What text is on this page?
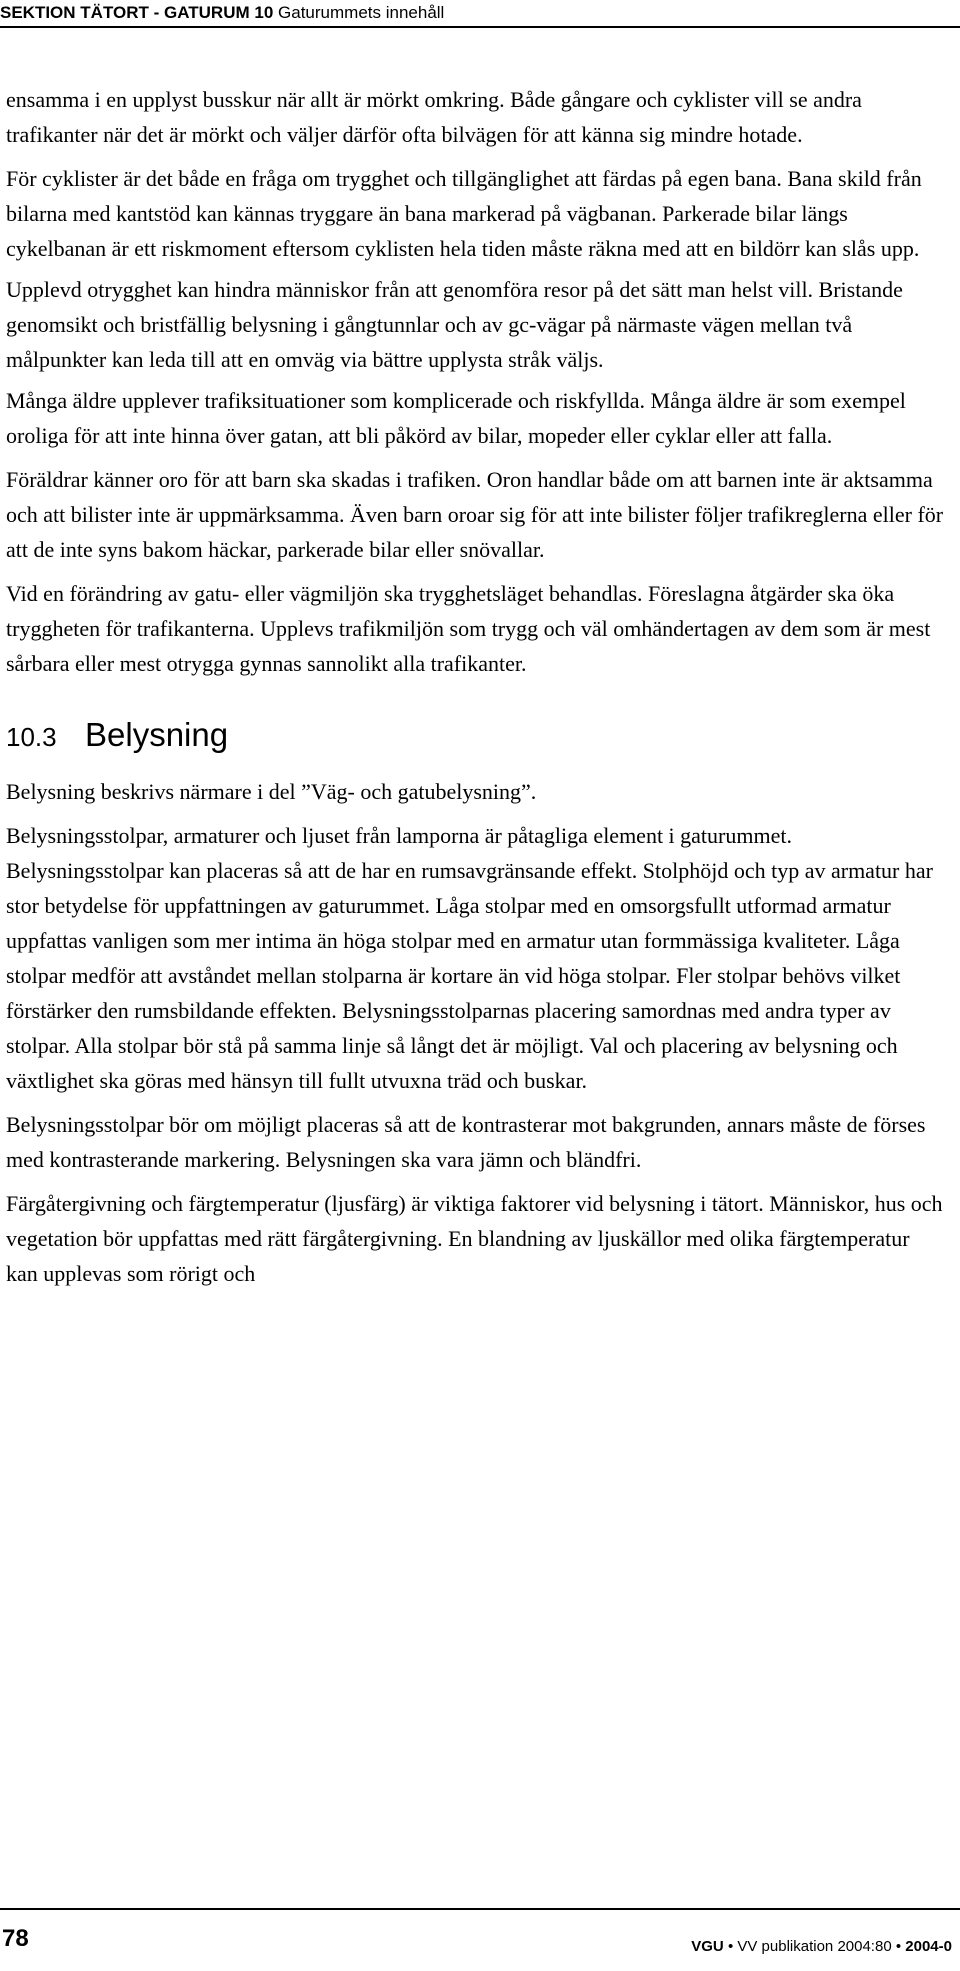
SEKTION TÄTORT - GATURUM 10 Gaturummets innehåll

ensamma i en upplyst busskur när allt är mörkt omkring. Både gångare och cyklister vill se andra trafikanter när det är mörkt och väljer därför ofta bilvägen för att känna sig mindre hotade.

För cyklister är det både en fråga om trygghet och tillgänglighet att färdas på egen bana. Bana skild från bilarna med kantstöd kan kännas tryggare än bana markerad på vägbanan. Parkerade bilar längs cykelbanan är ett riskmoment eftersom cyklisten hela tiden måste räkna med att en bildörr kan slås upp.

Upplevd otrygghet kan hindra människor från att genomföra resor på det sätt man helst vill. Bristande genomsikt och bristfällig belysning i gångtunnlar och av gc-vägar på närmaste vägen mellan två målpunkter kan leda till att en omväg via bättre upplysta stråk väljs.

Många äldre upplever trafiksituationer som komplicerade och riskfyllda. Många äldre är som exempel oroliga för att inte hinna över gatan, att bli påkörd av bilar, mopeder eller cyklar eller att falla.

Föräldrar känner oro för att barn ska skadas i trafiken. Oron handlar både om att barnen inte är aktsamma och att bilister inte är uppmärksamma. Även barn oroar sig för att inte bilister följer trafikreglerna eller för att de inte syns bakom häckar, parkerade bilar eller snövallar.

Vid en förändring av gatu- eller vägmiljön ska trygghetsläget behandlas. Föreslagna åtgärder ska öka tryggheten för trafikanterna. Upplevs trafikmiljön som trygg och väl omhändertagen av dem som är mest sårbara eller mest otrygga gynnas sannolikt alla trafikanter.

10.3 Belysning

Belysning beskrivs närmare i del ”Väg- och gatubelysning”.

Belysningsstolpar, armaturer och ljuset från lamporna är påtagliga element i gaturummet. Belysningsstolpar kan placeras så att de har en rumsavgränsande effekt. Stolphöjd och typ av armatur har stor betydelse för uppfattningen av gaturummet. Låga stolpar med en omsorgsfullt utformad armatur uppfattas vanligen som mer intima än höga stolpar med en armatur utan formmässiga kvaliteter. Låga stolpar medför att avståndet mellan stolparna är kortare än vid höga stolpar. Fler stolpar behövs vilket förstärker den rumsbildande effekten. Belysningsstolparnas placering samordnas med andra typer av stolpar. Alla stolpar bör stå på samma linje så långt det är möjligt. Val och placering av belysning och växtlighet ska göras med hänsyn till fullt utvuxna träd och buskar.

Belysningsstolpar bör om möjligt placeras så att de kontrasterar mot bakgrunden, annars måste de förses med kontrasterande markering. Belysningen ska vara jämn och bländfri.

Färgåtergivning och färgtemperatur (ljusfärg) är viktiga faktorer vid belysning i tätort. Människor, hus och vegetation bör uppfattas med rätt färgåtergivning. En blandning av ljuskällor med olika färgtemperatur kan upplevas som rörigt och

78	VGU • VV publikation 2004:80 • 2004-0
